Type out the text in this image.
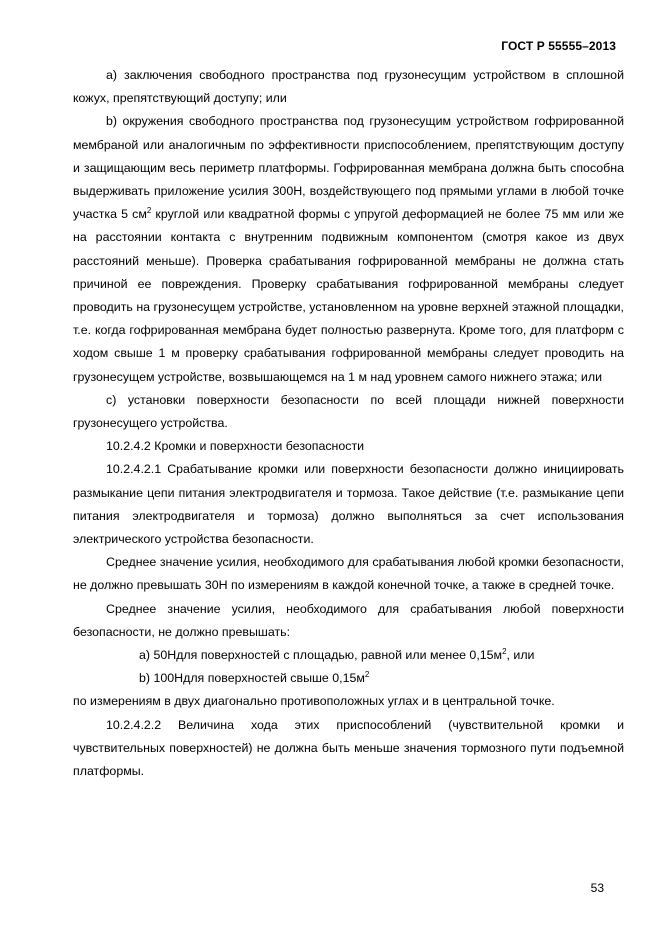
ГОСТ Р 55555–2013

a) заключения свободного пространства под грузонесущим устройством в сплошной кожух, препятствующий доступу; или

b) окружения свободного пространства под грузонесущим устройством гофрированной мембраной или аналогичным по эффективности приспособлением, препятствующим доступу и защищающим весь периметр платформы. Гофрированная мембрана должна быть способна выдерживать приложение усилия 300Н, воздействующего под прямыми углами в любой точке участка 5 $см^2$ круглой или квадратной формы с упругой деформацией не более 75 мм или же на расстоянии контакта с внутренним подвижным компонентом (смотря какое из двух расстояний меньше). Проверка срабатывания гофрированной мембраны не должна стать причиной ее повреждения. Проверку срабатывания гофрированной мембраны следует проводить на грузонесущем устройстве, установленном на уровне верхней этажной площадки, т.е. когда гофрированная мембрана будет полностью развернута. Кроме того, для платформ с ходом свыше 1 м проверку срабатывания гофрированной мембраны следует проводить на грузонесущем устройстве, возвышающемся на 1 м над уровнем самого нижнего этажа; или

c) установки поверхности безопасности по всей площади нижней поверхности грузонесущего устройства.

10.2.4.2 Кромки и поверхности безопасности

10.2.4.2.1 Срабатывание кромки или поверхности безопасности должно инициировать размыкание цепи питания электродвигателя и тормоза. Такое действие (т.е. размыкание цепи питания электродвигателя и тормоза) должно выполняться за счет использования электрического устройства безопасности.

Среднее значение усилия, необходимого для срабатывания любой кромки безопасности, не должно превышать 30Н по измерениям в каждой конечной точке, а также в средней точке.

Среднее значение усилия, необходимого для срабатывания любой поверхности безопасности, не должно превышать:

a) 50Ндля поверхностей с площадью, равной или менее $0,15м^2$, или

b) 100Ндля поверхностей свыше $0,15м^2$

по измерениям в двух диагонально противоположных углах и в центральной точке.

10.2.4.2.2 Величина хода этих приспособлений (чувствительной кромки и чувствительных поверхностей) не должна быть меньше значения тормозного пути подъемной платформы.

53
